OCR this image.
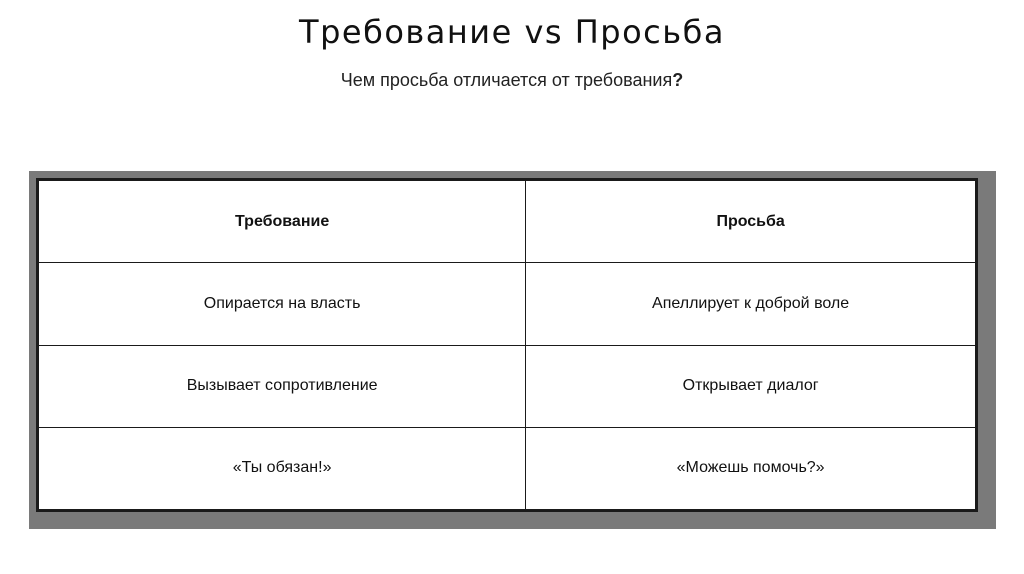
Требование vs Просьба
Чем просьба отличается от требования?
Требование	Просьба
Опирается на власть	Апеллирует к доброй воле
Вызывает сопротивление	Открывает диалог
«Ты обязан!»	«Можешь помочь?»
